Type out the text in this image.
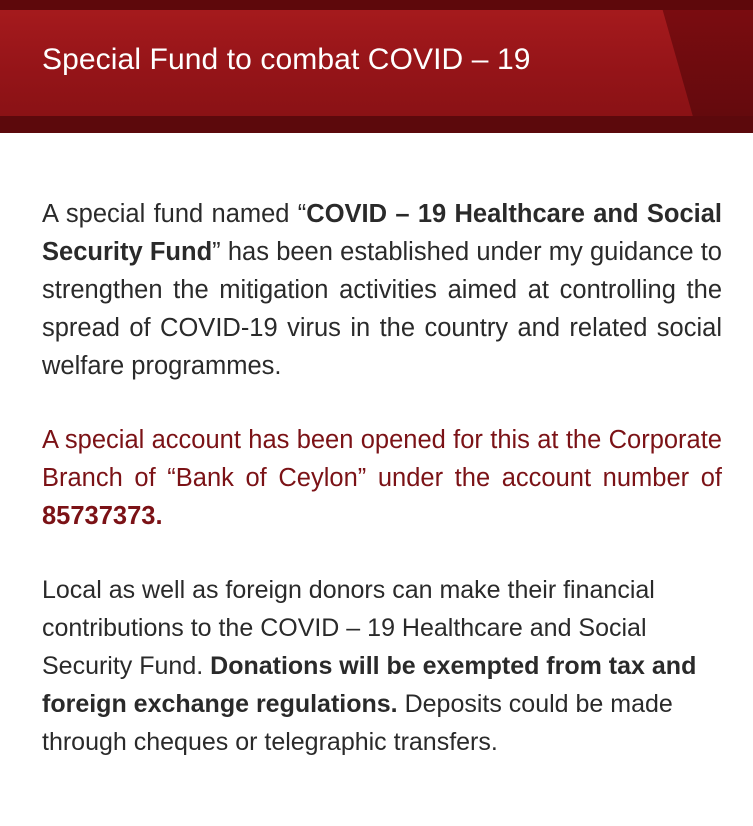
Special Fund to combat COVID – 19

A special fund named “COVID – 19 Healthcare and Social Security Fund” has been established under my guidance to strengthen the mitigation activities aimed at controlling the spread of COVID-19 virus in the country and related social welfare programmes.

A special account has been opened for this at the Corporate Branch of “Bank of Ceylon” under the account number of 85737373.

Local as well as foreign donors can make their financial contributions to the COVID – 19 Healthcare and Social Security Fund. Donations will be exempted from tax and foreign exchange regulations. Deposits could be made through cheques or telegraphic transfers.
